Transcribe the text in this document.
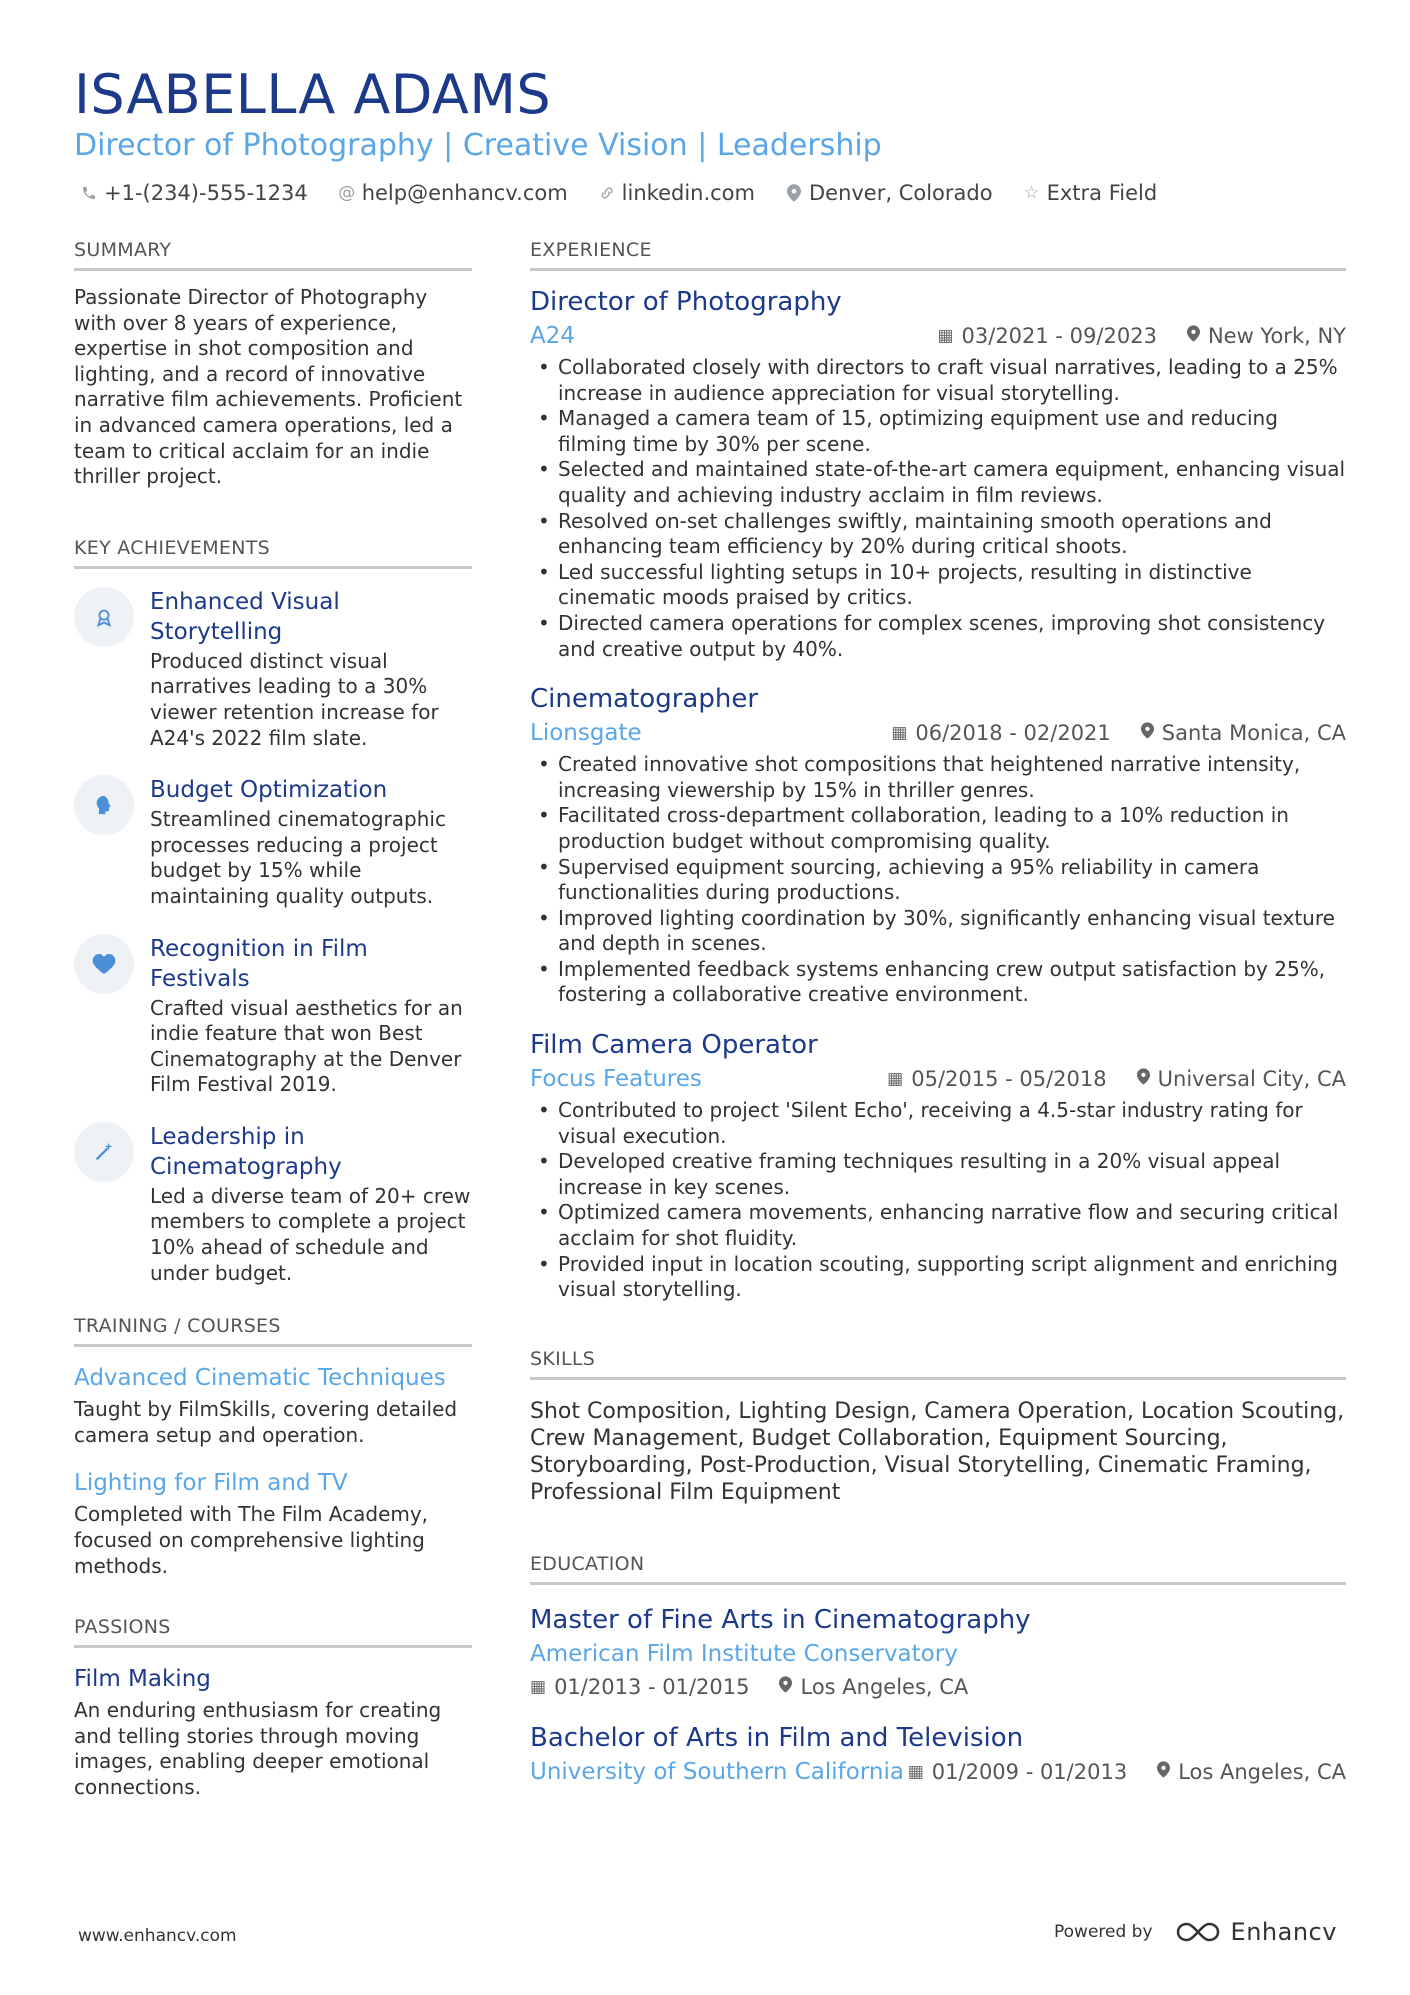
ISABELLA ADAMS
Director of Photography | Creative Vision | Leadership
+1-(234)-555-1234 @ help@enhancv.com	linkedin.com	Denver, Colorado ☆ Extra Field
SUMMARY
Passionate Director of Photography with over 8 years of experience, expertise in shot composition and lighting, and a record of innovative narrative film achievements. Proficient in advanced camera operations, led a team to critical acclaim for an indie thriller project.
KEY ACHIEVEMENTS
Enhanced Visual Storytelling
Produced distinct visual narratives leading to a 30% viewer retention increase for A24's 2022 film slate.
Budget Optimization
Streamlined cinematographic processes reducing a project budget by 15% while maintaining quality outputs.
Recognition in Film Festivals
Crafted visual aesthetics for an indie feature that won Best Cinematography at the Denver Film Festival 2019.
Leadership in Cinematography
Led a diverse team of 20+ crew members to complete a project 10% ahead of schedule and under budget.
TRAINING / COURSES
Advanced Cinematic Techniques
Taught by FilmSkills, covering detailed camera setup and operation.
Lighting for Film and TV
Completed with The Film Academy, focused on comprehensive lighting methods.
PASSIONS
Film Making
An enduring enthusiasm for creating and telling stories through moving images, enabling deeper emotional connections.
EXPERIENCE
Director of Photography
A24	▦ 03/2021 - 09/2023 New York, NY
• Collaborated closely with directors to craft visual narratives, leading to a 25% increase in audience appreciation for visual storytelling.
• Managed a camera team of 15, optimizing equipment use and reducing filming time by 30% per scene.
• Selected and maintained state-of-the-art camera equipment, enhancing visual quality and achieving industry acclaim in film reviews.
• Resolved on-set challenges swiftly, maintaining smooth operations and enhancing team efficiency by 20% during critical shoots.
• Led successful lighting setups in 10+ projects, resulting in distinctive cinematic moods praised by critics.
• Directed camera operations for complex scenes, improving shot consistency and creative output by 40%.
Cinematographer
Lionsgate	▦ 06/2018 - 02/2021 Santa Monica, CA
• Created innovative shot compositions that heightened narrative intensity, increasing viewership by 15% in thriller genres.
• Facilitated cross-department collaboration, leading to a 10% reduction in production budget without compromising quality.
• Supervised equipment sourcing, achieving a 95% reliability in camera functionalities during productions.
• Improved lighting coordination by 30%, significantly enhancing visual texture and depth in scenes.
• Implemented feedback systems enhancing crew output satisfaction by 25%, fostering a collaborative creative environment.
Film Camera Operator
Focus Features	▦ 05/2015 - 05/2018 Universal City, CA
• Contributed to project 'Silent Echo', receiving a 4.5-star industry rating for visual execution.
• Developed creative framing techniques resulting in a 20% visual appeal increase in key scenes.
• Optimized camera movements, enhancing narrative flow and securing critical acclaim for shot fluidity.
• Provided input in location scouting, supporting script alignment and enriching visual storytelling.
SKILLS
Shot Composition, Lighting Design, Camera Operation, Location Scouting, Crew Management, Budget Collaboration, Equipment Sourcing, Storyboarding, Post-Production, Visual Storytelling, Cinematic Framing, Professional Film Equipment
EDUCATION
Master of Fine Arts in Cinematography
American Film Institute Conservatory
▦ 01/2013 - 01/2015 Los Angeles, CA
Bachelor of Arts in Film and Television
University of Southern California ▦ 01/2009 - 01/2013 Los Angeles, CA
www.enhancv.com	Powered by	Enhancv
